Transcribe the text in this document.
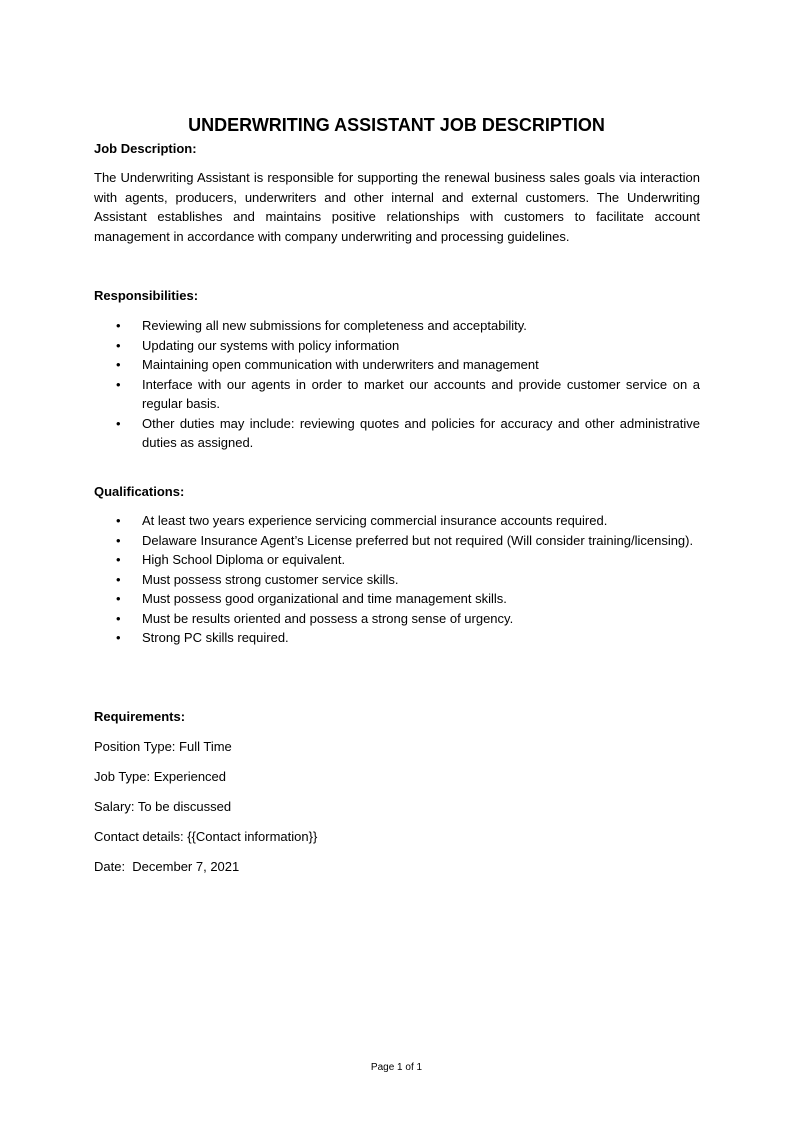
UNDERWRITING ASSISTANT JOB DESCRIPTION
Job Description:

The Underwriting Assistant is responsible for supporting the renewal business sales goals via interaction with agents, producers, underwriters and other internal and external customers. The Underwriting Assistant establishes and maintains positive relationships with customers to facilitate account management in accordance with company underwriting and processing guidelines.

Responsibilities:
• Reviewing all new submissions for completeness and acceptability.
• Updating our systems with policy information
• Maintaining open communication with underwriters and management
• Interface with our agents in order to market our accounts and provide customer service on a regular basis.
• Other duties may include: reviewing quotes and policies for accuracy and other administrative duties as assigned.
Qualifications:
• At least two years experience servicing commercial insurance accounts required.
• Delaware Insurance Agent’s License preferred but not required (Will consider training/licensing).
• High School Diploma or equivalent.
• Must possess strong customer service skills.
• Must possess good organizational and time management skills.
• Must be results oriented and possess a strong sense of urgency.
• Strong PC skills required.
Requirements:
Position Type: Full Time
Job Type: Experienced
Salary: To be discussed
Contact details: {{Contact information}}
Date:  December 7, 2021
Page 1 of 1
